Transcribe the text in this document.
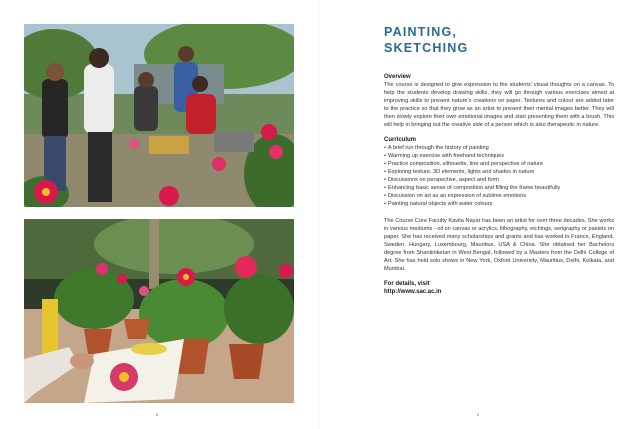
8
PAINTING,
SKETCHING
Overview
The course is designed to give expression to the students' visual thoughts on a canvas. To help the students develop drawing skills, they will go through various exercises aimed at improving skills to present nature's creations on paper. Textures and colour are added later to the practice so that they grow as an artist to present their mental images better. They will then slowly explore their own emotional images and start presenting them with a brush. This will help in bringing out the creative side of a person which is also therapeutic in nature.
Curriculum
• A brief run through the history of painting
• Warming up exercise with freehand techniques
• Practice composition, silhouette, line and perspective of nature
• Exploring texture, 3D elements, lights and shades in nature
• Discussions on perspective, aspect and form
• Enhancing basic sense of composition and filling the frame beautifully
• Discussion on art as an expression of sublime emotions
• Painting natural objects with water colours
The Course Core Faculty Kavita Nayar has been an artist for over three decades. She works in various mediums - oil on canvas or acrylics, lithography, etchings, serigraphy or pastels on paper. She has received many scholarships and grants and has worked in France, England, Sweden, Hungary, Luxembourg, Mauritius, USA & China. She obtained her Bachelors degree from Shantiniketan in West Bengal, followed by a Masters from the Delhi College of Art. She has held solo shows in New York, Oxford University, Mauritius, Delhi, Kolkata, and Mumbai.
For details, visit
http://www.sac.ac.in
9
